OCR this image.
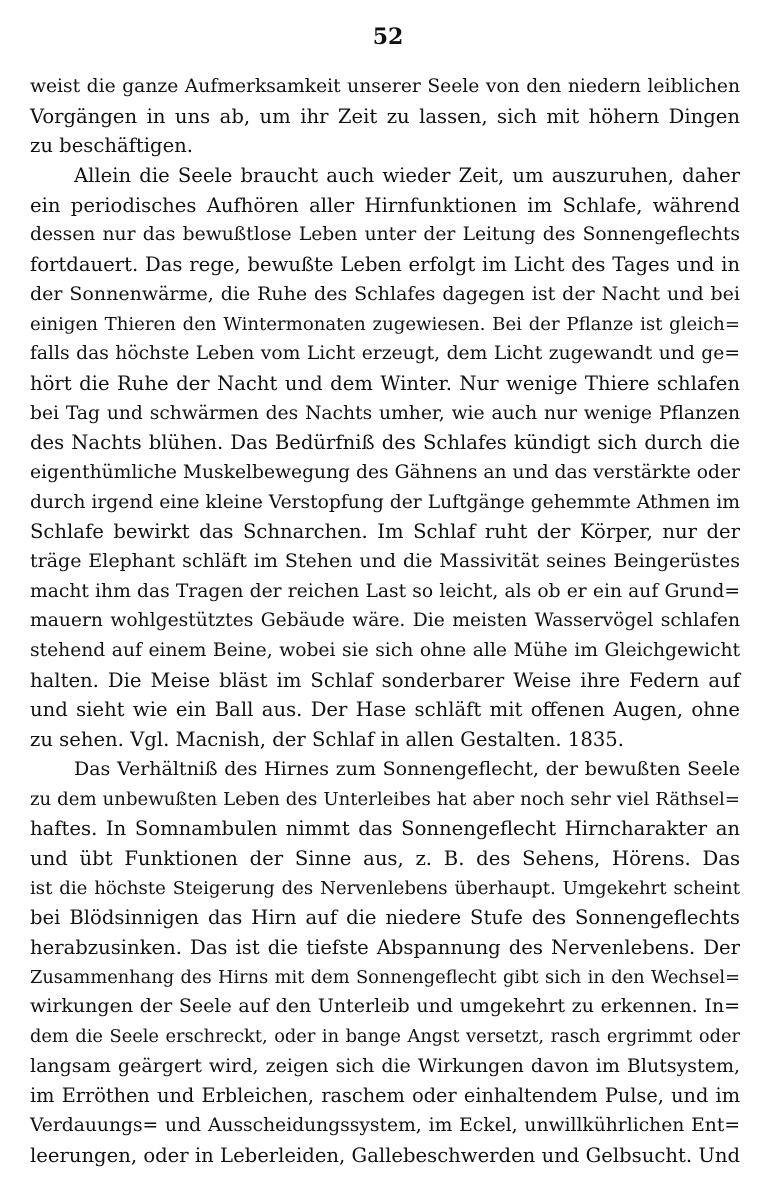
52
weist die ganze Aufmerksamkeit unserer Seele von den niedern leiblichen
Vorgängen in uns ab, um ihr Zeit zu lassen, sich mit höhern Dingen
zu beschäftigen.
Allein die Seele braucht auch wieder Zeit, um auszuruhen, daher
ein periodisches Aufhören aller Hirnfunktionen im Schlafe, während
dessen nur das bewußtlose Leben unter der Leitung des Sonnengeflechts
fortdauert. Das rege, bewußte Leben erfolgt im Licht des Tages und in
der Sonnenwärme, die Ruhe des Schlafes dagegen ist der Nacht und bei
einigen Thieren den Wintermonaten zugewiesen. Bei der Pflanze ist gleich=
falls das höchste Leben vom Licht erzeugt, dem Licht zugewandt und ge=
hört die Ruhe der Nacht und dem Winter. Nur wenige Thiere schlafen
bei Tag und schwärmen des Nachts umher, wie auch nur wenige Pflanzen
des Nachts blühen. Das Bedürfniß des Schlafes kündigt sich durch die
eigenthümliche Muskelbewegung des Gähnens an und das verstärkte oder
durch irgend eine kleine Verstopfung der Luftgänge gehemmte Athmen im
Schlafe bewirkt das Schnarchen. Im Schlaf ruht der Körper, nur der
träge Elephant schläft im Stehen und die Massivität seines Beingerüstes
macht ihm das Tragen der reichen Last so leicht, als ob er ein auf Grund=
mauern wohlgestütztes Gebäude wäre. Die meisten Wasservögel schlafen
stehend auf einem Beine, wobei sie sich ohne alle Mühe im Gleichgewicht
halten. Die Meise bläst im Schlaf sonderbarer Weise ihre Federn auf
und sieht wie ein Ball aus. Der Hase schläft mit offenen Augen, ohne
zu sehen. Vgl. Macnish, der Schlaf in allen Gestalten. 1835.
Das Verhältniß des Hirnes zum Sonnengeflecht, der bewußten Seele
zu dem unbewußten Leben des Unterleibes hat aber noch sehr viel Räthsel=
haftes. In Somnambulen nimmt das Sonnengeflecht Hirncharakter an
und übt Funktionen der Sinne aus, z. B. des Sehens, Hörens. Das
ist die höchste Steigerung des Nervenlebens überhaupt. Umgekehrt scheint
bei Blödsinnigen das Hirn auf die niedere Stufe des Sonnengeflechts
herabzusinken. Das ist die tiefste Abspannung des Nervenlebens. Der
Zusammenhang des Hirns mit dem Sonnengeflecht gibt sich in den Wechsel=
wirkungen der Seele auf den Unterleib und umgekehrt zu erkennen. In=
dem die Seele erschreckt, oder in bange Angst versetzt, rasch ergrimmt oder
langsam geärgert wird, zeigen sich die Wirkungen davon im Blutsystem,
im Erröthen und Erbleichen, raschem oder einhaltendem Pulse, und im
Verdauungs= und Ausscheidungssystem, im Eckel, unwillkührlichen Ent=
leerungen, oder in Leberleiden, Gallebeschwerden und Gelbsucht. Und
